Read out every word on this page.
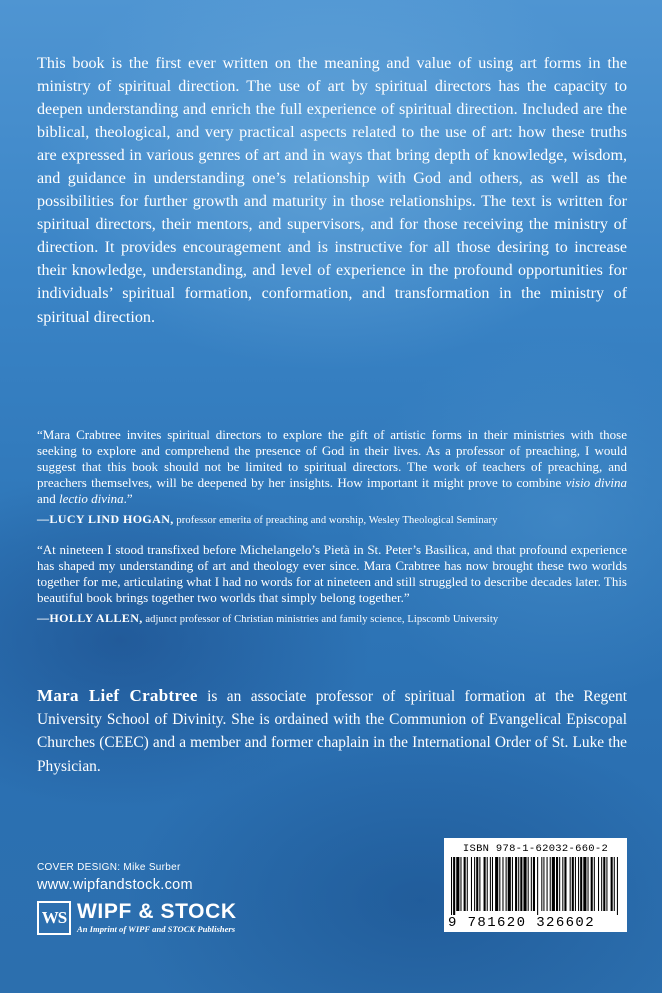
This book is the first ever written on the meaning and value of using art forms in the ministry of spiritual direction. The use of art by spiritual directors has the capacity to deepen understanding and enrich the full experience of spiritual direction. Included are the biblical, theological, and very practical aspects related to the use of art: how these truths are expressed in various genres of art and in ways that bring depth of knowledge, wisdom, and guidance in understanding one’s relationship with God and others, as well as the possibilities for further growth and maturity in those relationships. The text is written for spiritual directors, their mentors, and supervisors, and for those receiving the ministry of direction. It provides encouragement and is instructive for all those desiring to increase their knowledge, understanding, and level of experience in the profound opportunities for individuals’ spiritual formation, conformation, and transformation in the ministry of spiritual direction.

“Mara Crabtree invites spiritual directors to explore the gift of artistic forms in their ministries with those seeking to explore and comprehend the presence of God in their lives. As a professor of preaching, I would suggest that this book should not be limited to spiritual directors. The work of teachers of preaching, and preachers themselves, will be deepened by her insights. How important it might prove to combine visio divina and lectio divina.”

—LUCY LIND HOGAN, professor emerita of preaching and worship, Wesley Theological Seminary

“At nineteen I stood transfixed before Michelangelo’s Pietà in St. Peter’s Basilica, and that profound experience has shaped my understanding of art and theology ever since. Mara Crabtree has now brought these two worlds together for me, articulating what I had no words for at nineteen and still struggled to describe decades later. This beautiful book brings together two worlds that simply belong together.”

—HOLLY ALLEN, adjunct professor of Christian ministries and family science, Lipscomb University

Mara Lief Crabtree is an associate professor of spiritual formation at the Regent University School of Divinity. She is ordained with the Communion of Evangelical Episcopal Churches (CEEC) and a member and former chaplain in the International Order of St. Luke the Physician.

COVER DESIGN: Mike Surber

www.wipfandstock.com

WS WIPF & STOCK
An Imprint of WIPF and STOCK Publishers
ISBN 978-1-62032-660-2
9 781620 326602
